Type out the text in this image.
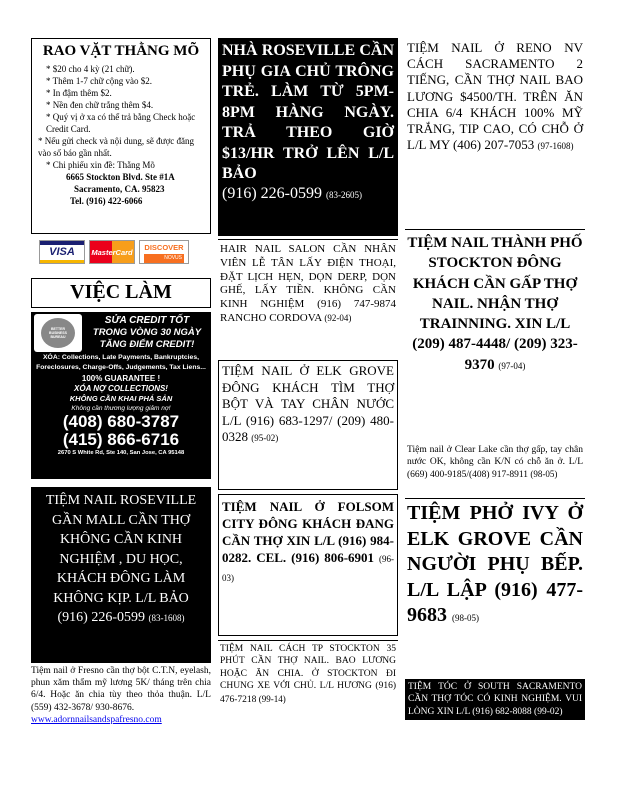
RAO VẶT THẰNG MÕ
* $20 cho 4 kỳ (21 chữ).
* Thêm 1-7 chữ cộng vào $2.
* In đậm thêm $2.
* Nền đen chữ trắng thêm $4.
* Quý vị ở xa có thể trả bằng Check hoặc Credit Card.
* Nếu gửi check và nội dung, sẽ được đăng vào số báo gần nhất.
* Chi phiếu xin đề: Thằng Mõ
6665 Stockton Blvd. Ste #1A
Sacramento, CA. 95823
Tel. (916) 422-6066
VISA	MasterCard	DISCOVER
NOVUS
VIỆC LÀM
BETTER BUSINESS BUREAU
SỬA CREDIT TỐT
TRONG VÒNG 30 NGÀY
TĂNG ĐIỂM CREDIT!
XÓA: Collections, Late Payments, Bankruptcies, Foreclosures, Charge-Offs, Judgements, Tax Liens...
100% GUARANTEE !
XÓA NỢ COLLECTIONS!
KHÔNG CẦN KHAI PHÁ SẢN
Không cần thương lượng giảm nợ!
(408) 680-3787
(415) 866-6716
2670 S White Rd, Ste 140, San Jose, CA 95148
TIỆM NAIL ROSEVILLE GẦN MALL CẦN THỢ KHÔNG CẦN KINH NGHIỆM , DU HỌC, KHÁCH ĐÔNG LÀM KHÔNG KỊP. L/L BẢO
(916) 226-0599 (83-1608)
Tiệm nail ở Fresno cần thợ bột C.T.N, eyelash, phun xăm thẩm mỹ lương 5K/ tháng trên chia 6/4. Hoặc ăn chia tùy theo thỏa thuận. L/L (559) 432-3678/ 930-8676.
www.adornnailsandspafresno.com
NHÀ ROSEVILLE CẦN PHỤ GIA CHỦ TRÔNG TRẺ. LÀM TỪ 5PM-8PM HÀNG NGÀY. TRẢ THEO GIỜ $13/HR TRỞ LÊN L/L BẢO
(916) 226-0599 (83-2605)
HAIR NAIL SALON CẦN NHÂN VIÊN LỄ TÂN LẤY ĐIỆN THOẠI, ĐẶT LỊCH HẸN, DỌN DERP, DỌN GHẾ, LẤY TIỀN. KHÔNG CẦN KINH NGHIỆM (916) 747-9874 RANCHO CORDOVA (92-04)
TIỆM NAIL Ở ELK GROVE ĐÔNG KHÁCH TÌM THỢ BỘT VÀ TAY CHÂN NƯỚC L/L (916) 683-1297/ (209) 480-0328 (95-02)
TIỆM NAIL Ở FOLSOM CITY ĐÔNG KHÁCH ĐANG CẦN THỢ XIN L/L (916) 984-0282. CEL. (916) 806-6901 (96-03)
TIỆM NAIL CÁCH TP STOCKTON 35 PHÚT CẦN THỢ NAIL. BAO LƯƠNG HOẶC ĂN CHIA. Ở STOCKTON ĐI CHUNG XE VỚI CHỦ. L/L HƯƠNG (916) 476-7218 (99-14)
TIỆM NAIL Ở RENO NV CÁCH SACRAMENTO 2 TIẾNG, CẦN THỢ NAIL BAO LƯƠNG $4500/TH. TRÊN ĂN CHIA 6/4 KHÁCH 100% MỸ TRẮNG, TIP CAO, CÓ CHỖ Ở L/L MY (406) 207-7053 (97-1608)
TIỆM NAIL THÀNH PHỐ STOCKTON ĐÔNG KHÁCH CẦN GẤP THỢ NAIL. NHẬN THỢ TRAINNING. XIN L/L (209) 487-4448/ (209) 323-9370 (97-04)
Tiệm nail ở Clear Lake cần thợ gấp, tay chân nước OK, không cần K/N có chỗ ăn ở. L/L (669) 400-9185/(408) 917-8911 (98-05)
TIỆM PHỞ IVY Ở ELK GROVE CẦN NGƯỜI PHỤ BẾP. L/L LẬP (916) 477-9683 (98-05)
TIỆM TÓC Ở SOUTH SACRAMENTO CẦN THỢ TÓC CÓ KINH NGHIỆM. VUI LÒNG XIN L/L (916) 682-8088 (99-02)
